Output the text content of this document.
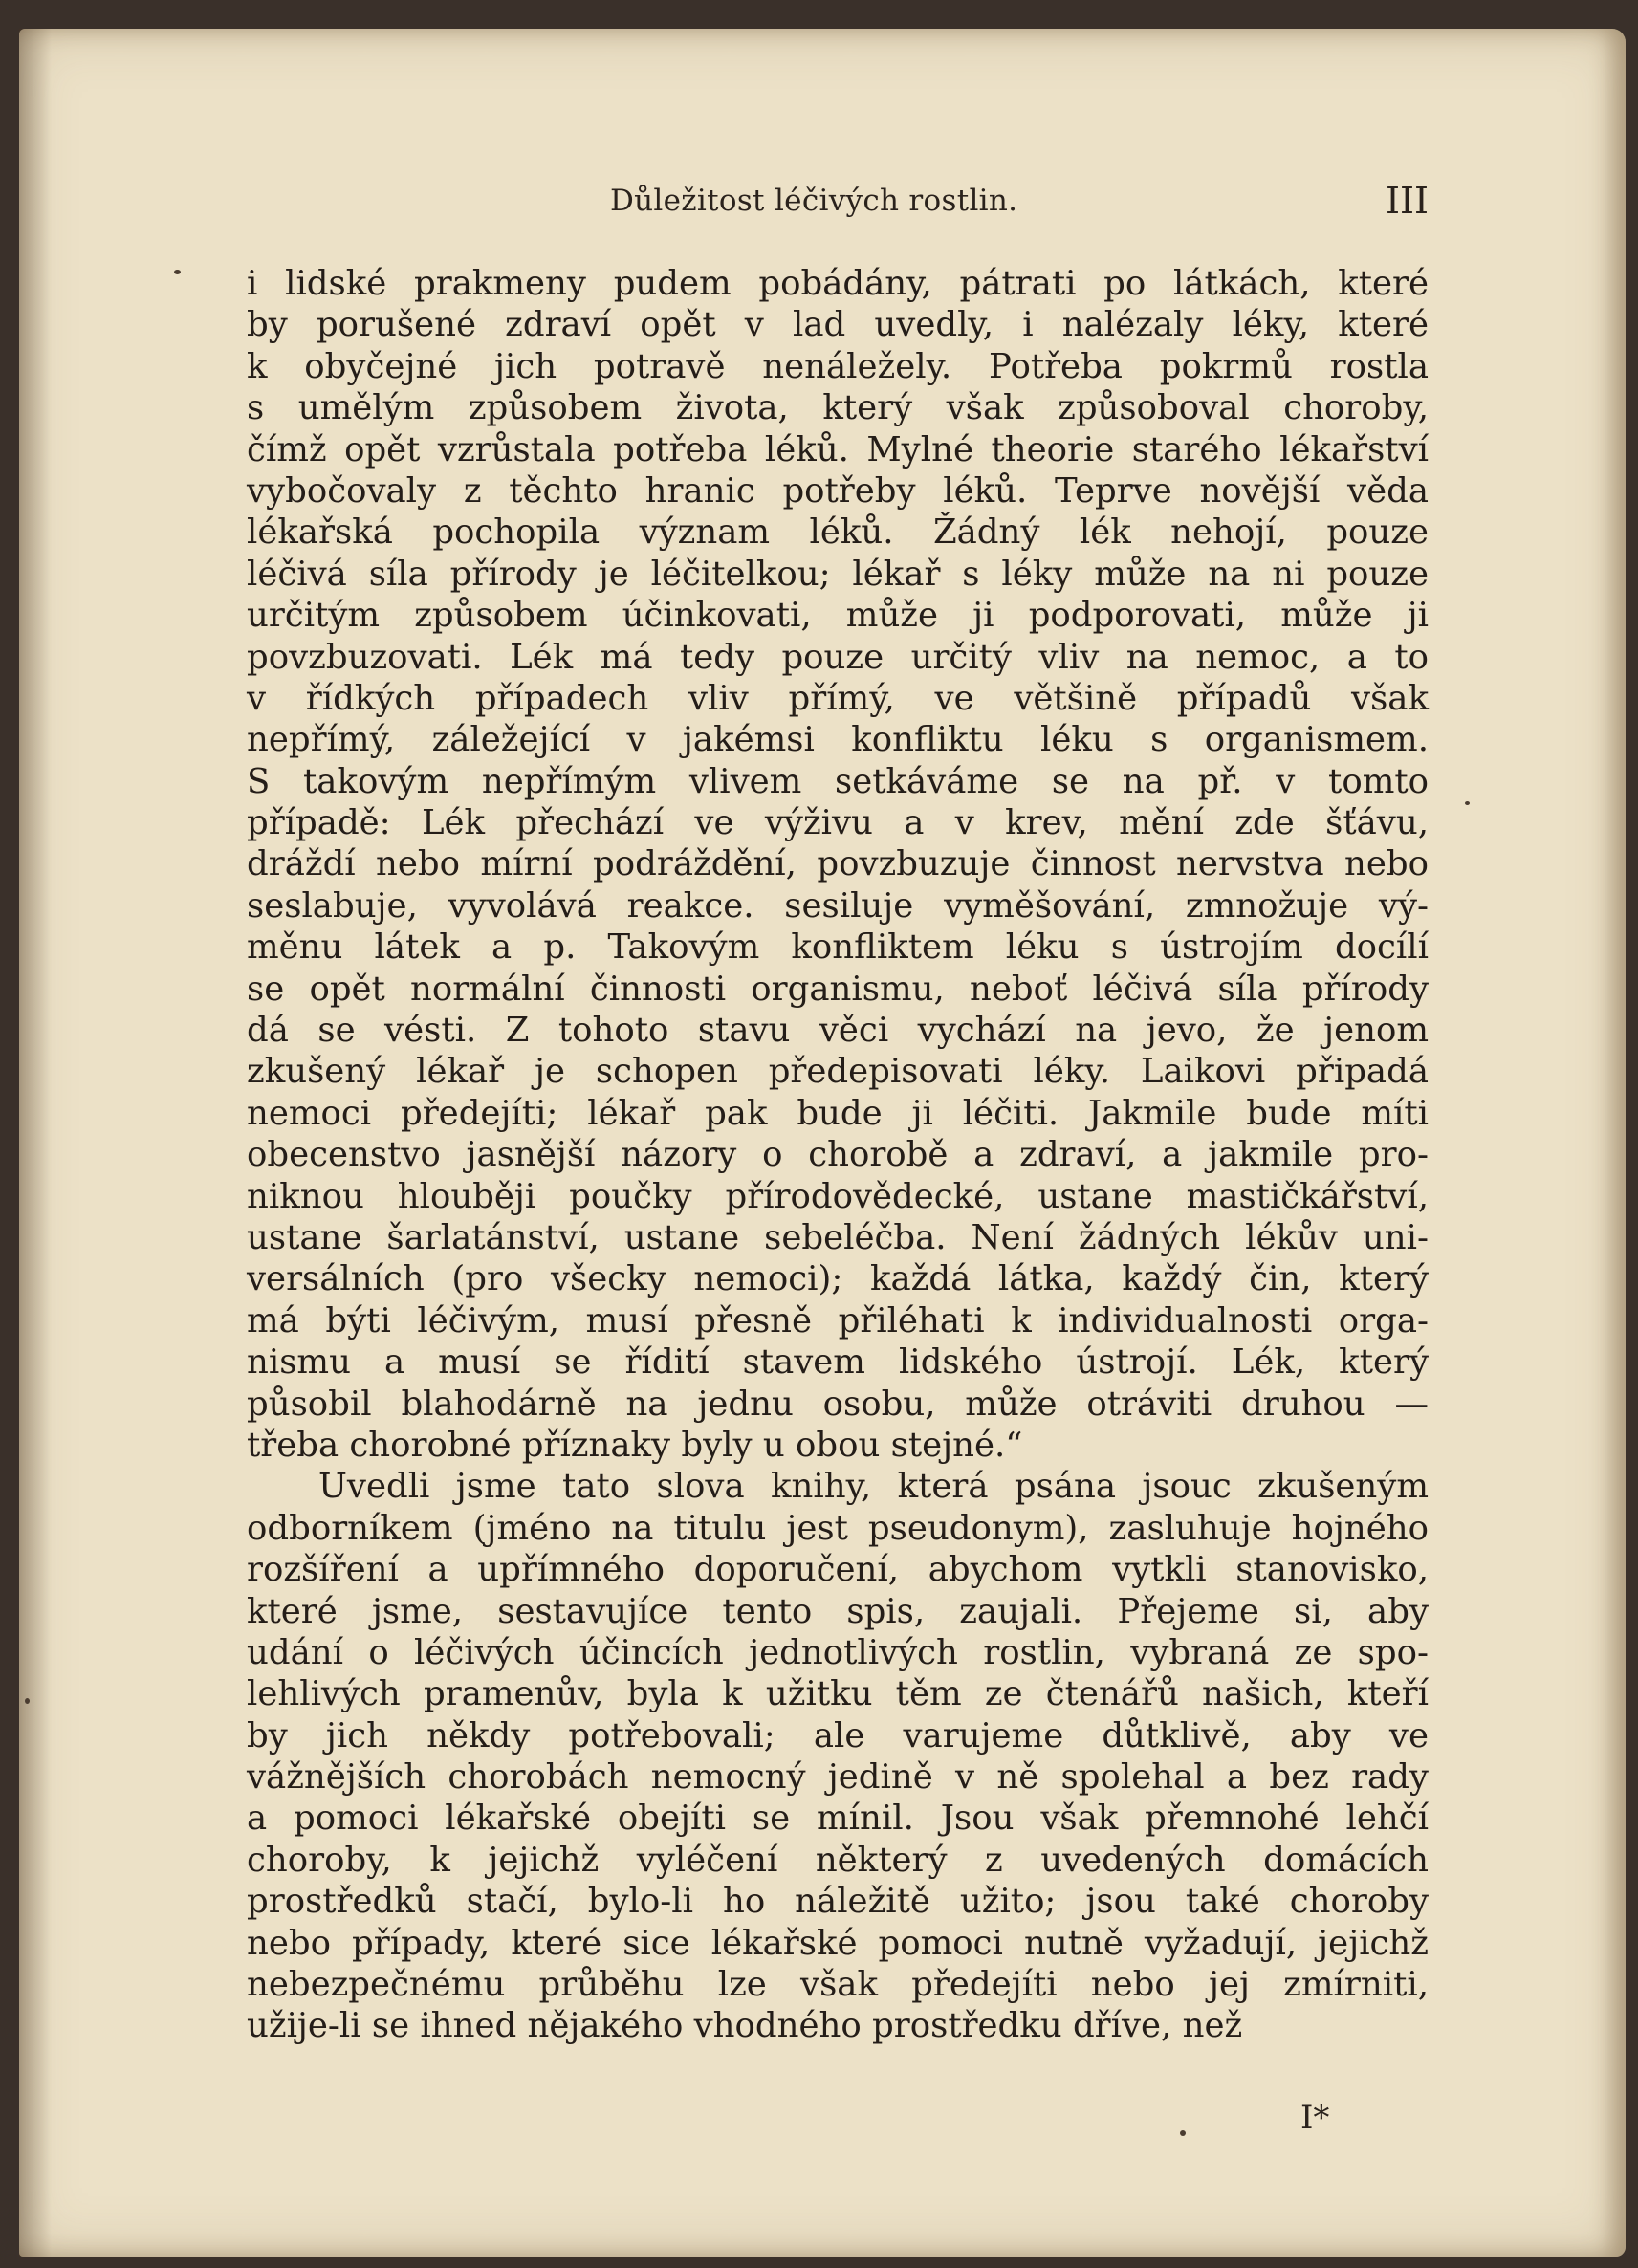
Důležitost léčivých rostlin.	III
i lidské prakmeny pudem pobádány, pátrati po látkách, které
by porušené zdraví opět v lad uvedly, i nalézaly léky, které
k obyčejné jich potravě nenáležely. Potřeba pokrmů rostla
s umělým způsobem života, který však způsoboval choroby,
čímž opět vzrůstala potřeba léků. Mylné theorie starého lékařství
vybočovaly z těchto hranic potřeby léků. Teprve novější věda
lékařská pochopila význam léků. Žádný lék nehojí, pouze
léčivá síla přírody je léčitelkou; lékař s léky může na ni pouze
určitým způsobem účinkovati, může ji podporovati, může ji
povzbuzovati. Lék má tedy pouze určitý vliv na nemoc, a to
v řídkých případech vliv přímý, ve většině případů však
nepřímý, záležející v jakémsi konfliktu léku s organismem.
S takovým nepřímým vlivem setkáváme se na př. v tomto
případě: Lék přechází ve výživu a v krev, mění zde šťávu,
dráždí nebo mírní podráždění, povzbuzuje činnost nervstva nebo
seslabuje, vyvolává reakce. sesiluje vyměšování, zmnožuje vý-
měnu látek a p. Takovým konfliktem léku s ústrojím docílí
se opět normální činnosti organismu, neboť léčivá síla přírody
dá se vésti. Z tohoto stavu věci vychází na jevo, že jenom
zkušený lékař je schopen předepisovati léky. Laikovi připadá
nemoci předejíti; lékař pak bude ji léčiti. Jakmile bude míti
obecenstvo jasnější názory o chorobě a zdraví, a jakmile pro-
niknou hlouběji poučky přírodovědecké, ustane mastičkářství,
ustane šarlatánství, ustane sebeléčba. Není žádných lékův uni-
versálních (pro všecky nemoci); každá látka, každý čin, který
má býti léčivým, musí přesně přiléhati k individualnosti orga-
nismu a musí se řídití stavem lidského ústrojí. Lék, který
působil blahodárně na jednu osobu, může otráviti druhou —
třeba chorobné příznaky byly u obou stejné.“
Uvedli jsme tato slova knihy, která psána jsouc zkušeným
odborníkem (jméno na titulu jest pseudonym), zasluhuje hojného
rozšíření a upřímného doporučení, abychom vytkli stanovisko,
které jsme, sestavujíce tento spis, zaujali. Přejeme si, aby
udání o léčivých účincích jednotlivých rostlin, vybraná ze spo-
lehlivých pramenův, byla k užitku těm ze čtenářů našich, kteří
by jich někdy potřebovali; ale varujeme důtklivě, aby ve
vážnějších chorobách nemocný jedině v ně spolehal a bez rady
a pomoci lékařské obejíti se mínil. Jsou však přemnohé lehčí
choroby, k jejichž vyléčení některý z uvedených domácích
prostředků stačí, bylo-li ho náležitě užito; jsou také choroby
nebo případy, které sice lékařské pomoci nutně vyžadují, jejichž
nebezpečnému průběhu lze však předejíti nebo jej zmírniti,
užije-li se ihned nějakého vhodného prostředku dříve, než
I*
